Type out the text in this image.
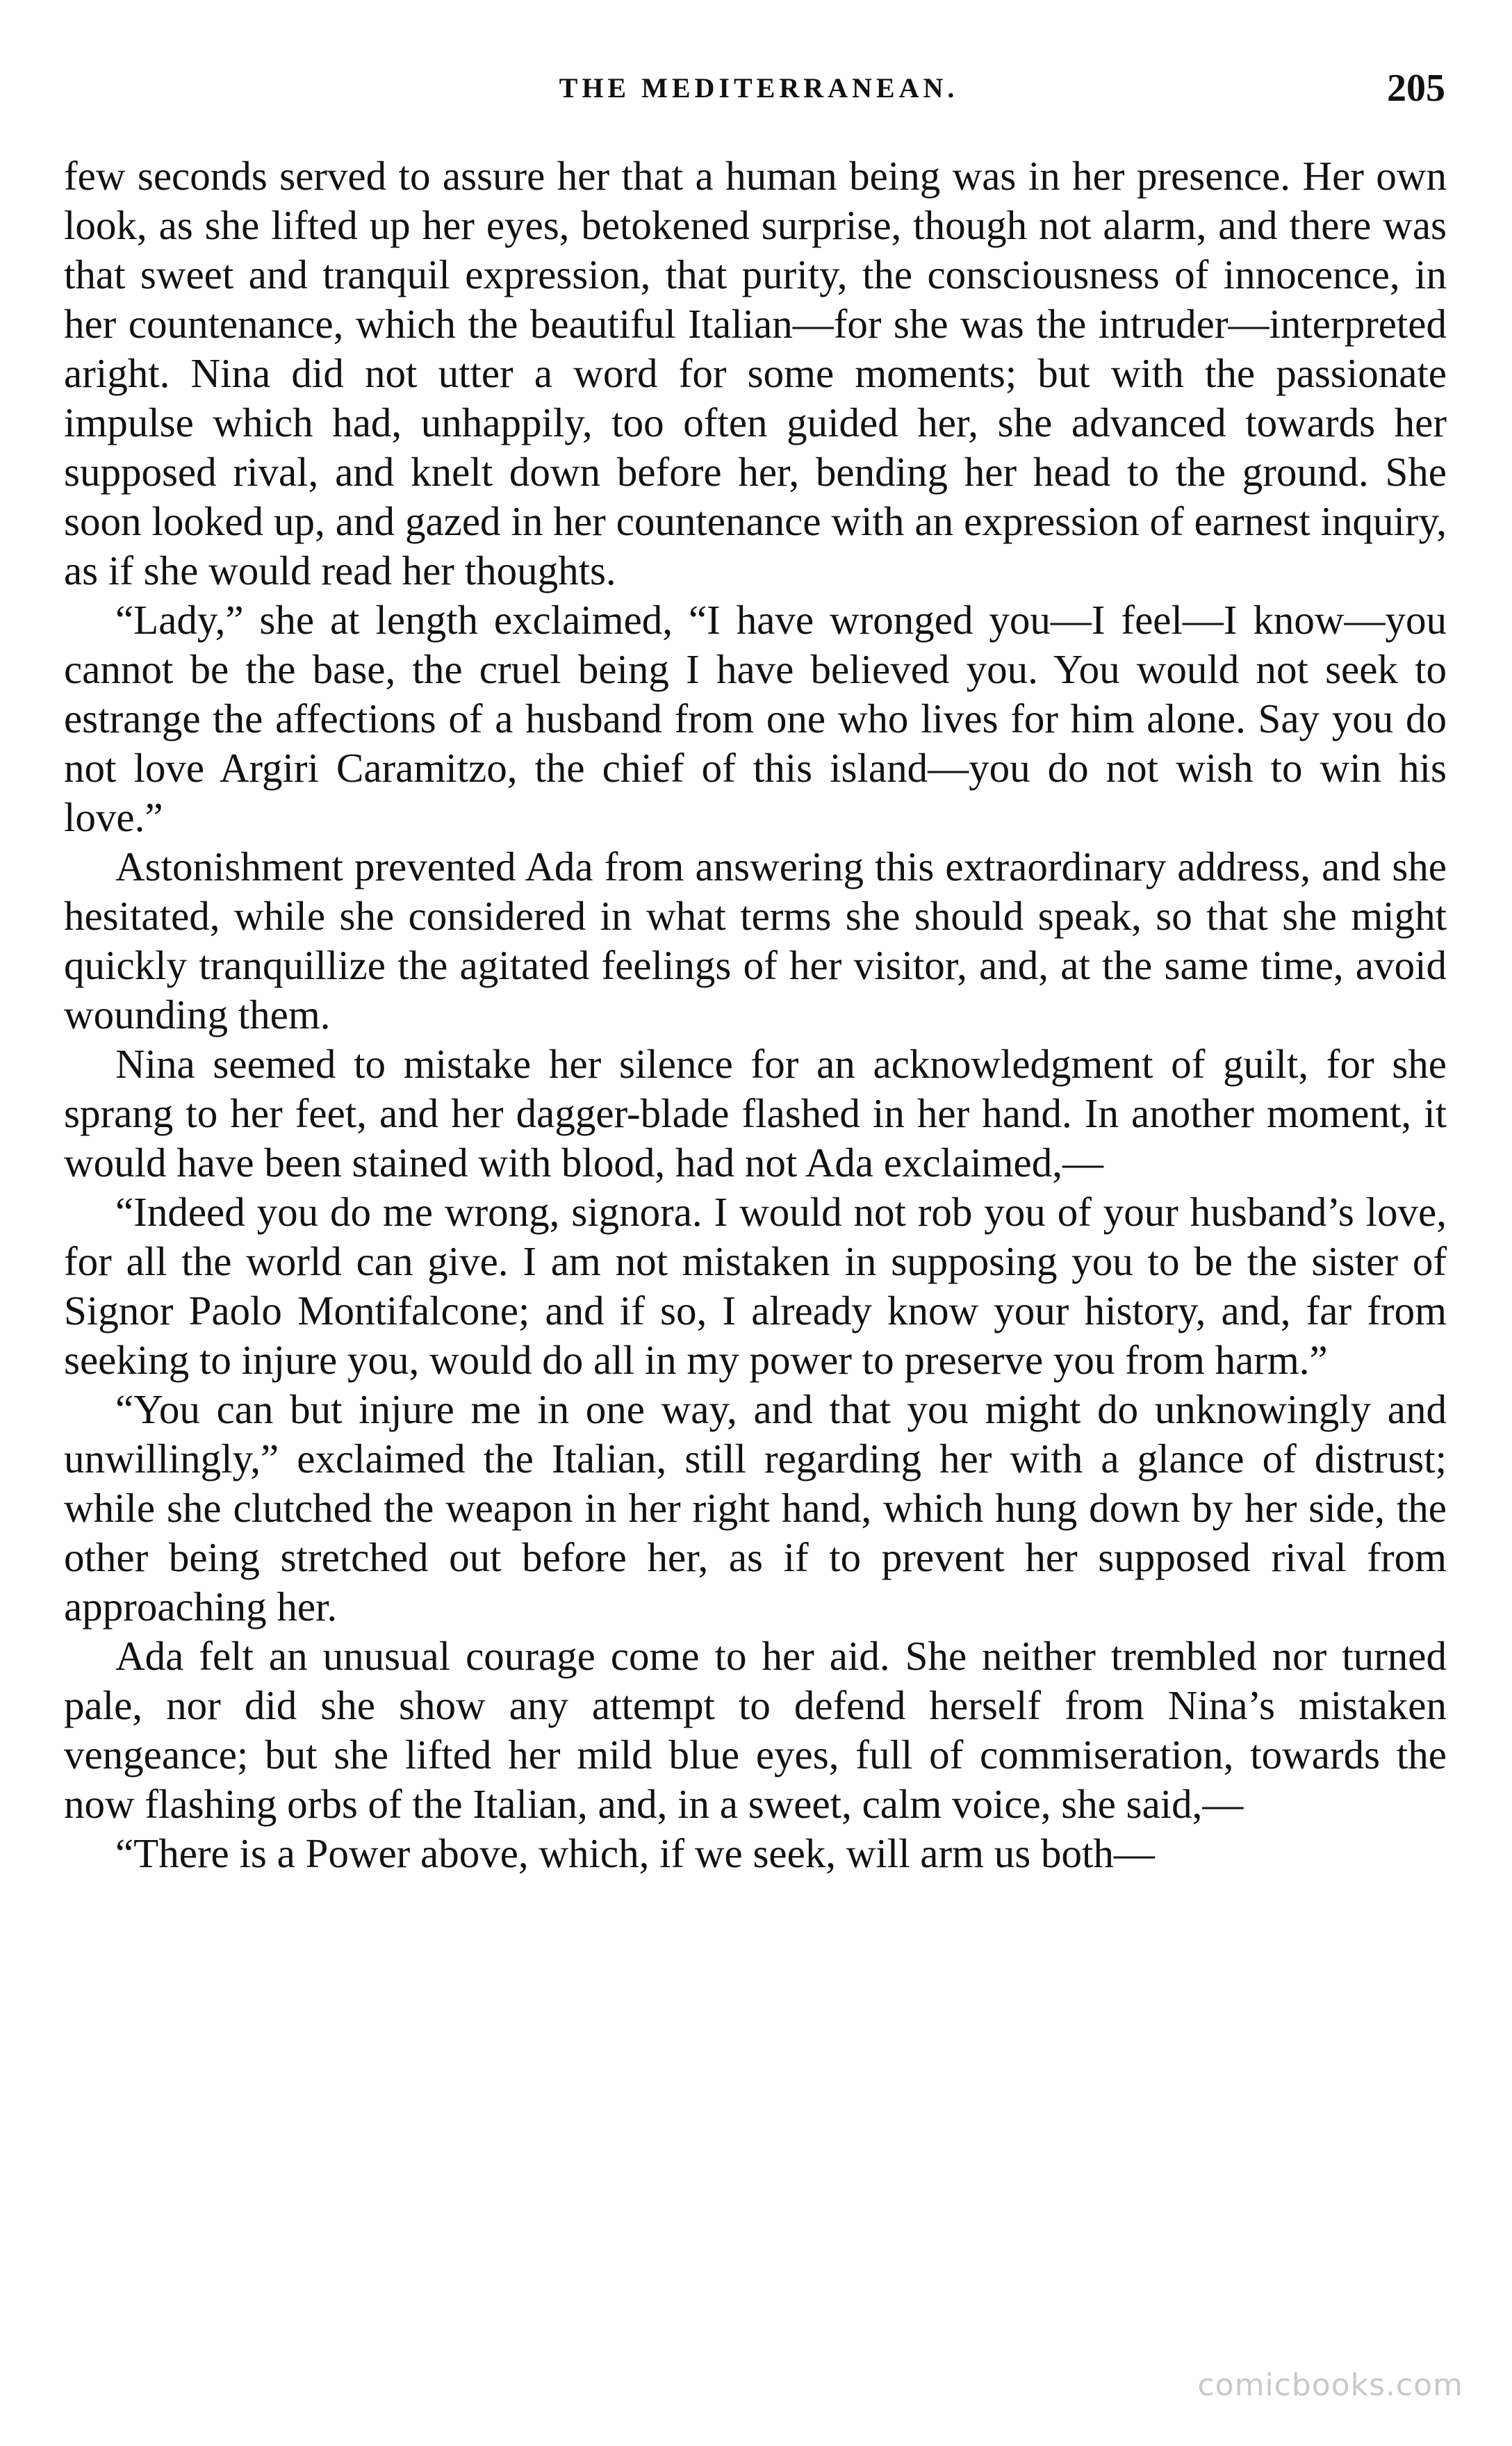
THE MEDITERRANEAN.	205

few seconds served to assure her that a human being was in her presence. Her own look, as she lifted up her eyes, betokened surprise, though not alarm, and there was that sweet and tranquil expression, that purity, the consciousness of innocence, in her countenance, which the beautiful Italian—for she was the intruder—interpreted aright. Nina did not utter a word for some moments; but with the passionate impulse which had, unhappily, too often guided her, she advanced towards her supposed rival, and knelt down before her, bending her head to the ground. She soon looked up, and gazed in her countenance with an expression of earnest inquiry, as if she would read her thoughts.

“Lady,” she at length exclaimed, “I have wronged you—I feel—I know—you cannot be the base, the cruel being I have believed you. You would not seek to estrange the affections of a husband from one who lives for him alone. Say you do not love Argiri Caramitzo, the chief of this island—you do not wish to win his love.”

Astonishment prevented Ada from answering this extraordinary address, and she hesitated, while she considered in what terms she should speak, so that she might quickly tranquillize the agitated feelings of her visitor, and, at the same time, avoid wounding them.

Nina seemed to mistake her silence for an acknowledgment of guilt, for she sprang to her feet, and her dagger-blade flashed in her hand. In another moment, it would have been stained with blood, had not Ada exclaimed,—

“Indeed you do me wrong, signora. I would not rob you of your husband’s love, for all the world can give. I am not mistaken in supposing you to be the sister of Signor Paolo Montifalcone; and if so, I already know your history, and, far from seeking to injure you, would do all in my power to preserve you from harm.”

“You can but injure me in one way, and that you might do unknowingly and unwillingly,” exclaimed the Italian, still regarding her with a glance of distrust; while she clutched the weapon in her right hand, which hung down by her side, the other being stretched out before her, as if to prevent her supposed rival from approaching her.

Ada felt an unusual courage come to her aid. She neither trembled nor turned pale, nor did she show any attempt to defend herself from Nina’s mistaken vengeance; but she lifted her mild blue eyes, full of commiseration, towards the now flashing orbs of the Italian, and, in a sweet, calm voice, she said,—

“There is a Power above, which, if we seek, will arm us both—

comicbooks.com
